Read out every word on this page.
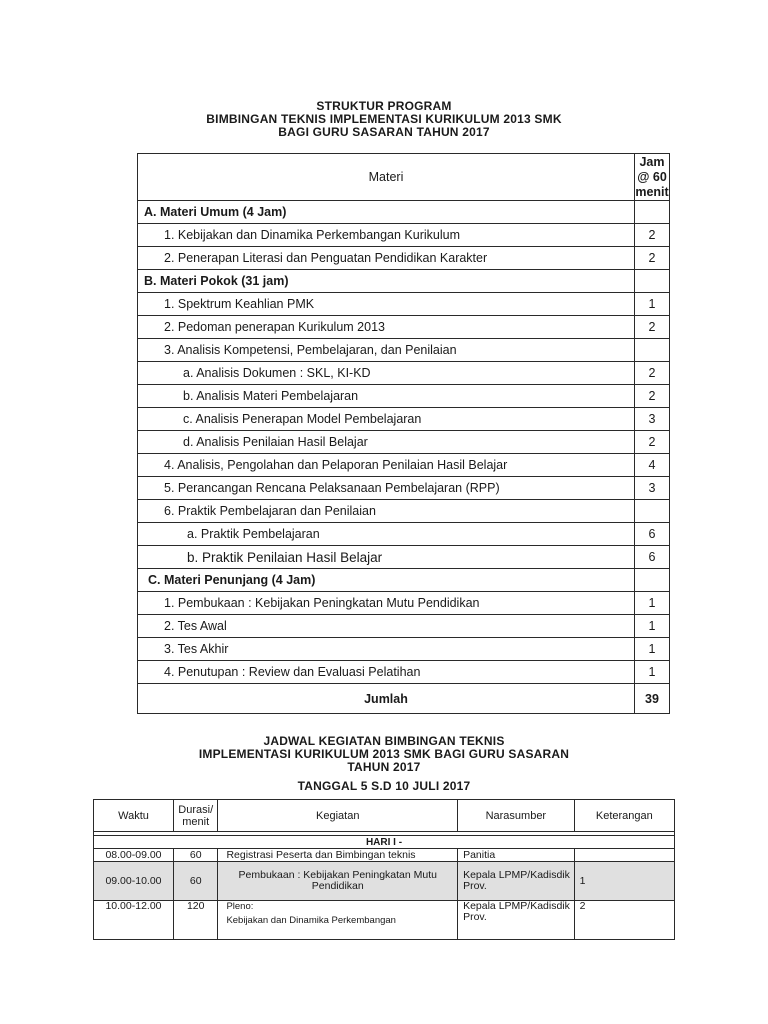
STRUKTUR PROGRAM
BIMBINGAN TEKNIS IMPLEMENTASI KURIKULUM 2013 SMK
BAGI GURU SASARAN TAHUN 2017
Materi	Jam @ 60 menit
A. Materi Umum (4 Jam)	
1. Kebijakan dan Dinamika Perkembangan Kurikulum	2
2. Penerapan Literasi dan Penguatan Pendidikan Karakter	2
B. Materi Pokok (31 jam)	
1. Spektrum Keahlian PMK	1
2. Pedoman penerapan Kurikulum 2013	2
3. Analisis Kompetensi, Pembelajaran, dan Penilaian	
a. Analisis Dokumen : SKL, KI-KD	2
b. Analisis Materi Pembelajaran	2
c. Analisis Penerapan Model Pembelajaran	3
d. Analisis Penilaian Hasil Belajar	2
4. Analisis, Pengolahan dan Pelaporan Penilaian Hasil Belajar	4
5. Perancangan Rencana Pelaksanaan Pembelajaran (RPP)	3
6. Praktik Pembelajaran dan Penilaian	
a. Praktik Pembelajaran	6
b. Praktik Penilaian Hasil Belajar	6
C. Materi Penunjang (4 Jam)	
1. Pembukaan : Kebijakan Peningkatan Mutu Pendidikan	1
2. Tes Awal	1
3. Tes Akhir	1
4. Penutupan : Review dan Evaluasi Pelatihan	1
Jumlah	39
JADWAL KEGIATAN BIMBINGAN TEKNIS
IMPLEMENTASI KURIKULUM 2013 SMK BAGI GURU SASARAN
TAHUN 2017
TANGGAL 5 S.D 10 JULI 2017
Waktu	Durasi/ menit	Kegiatan	Narasumber	Keterangan

HARI I -				
08.00-09.00	60	Registrasi Peserta dan Bimbingan teknis	Panitia	
09.00-10.00	60	Pembukaan : Kebijakan Peningkatan Mutu Pendidikan	Kepala LPMP/Kadisdik Prov.	1
10.00-12.00	120	Pleno:
Kebijakan dan Dinamika Perkembangan	Kepala LPMP/Kadisdik Prov.	2
